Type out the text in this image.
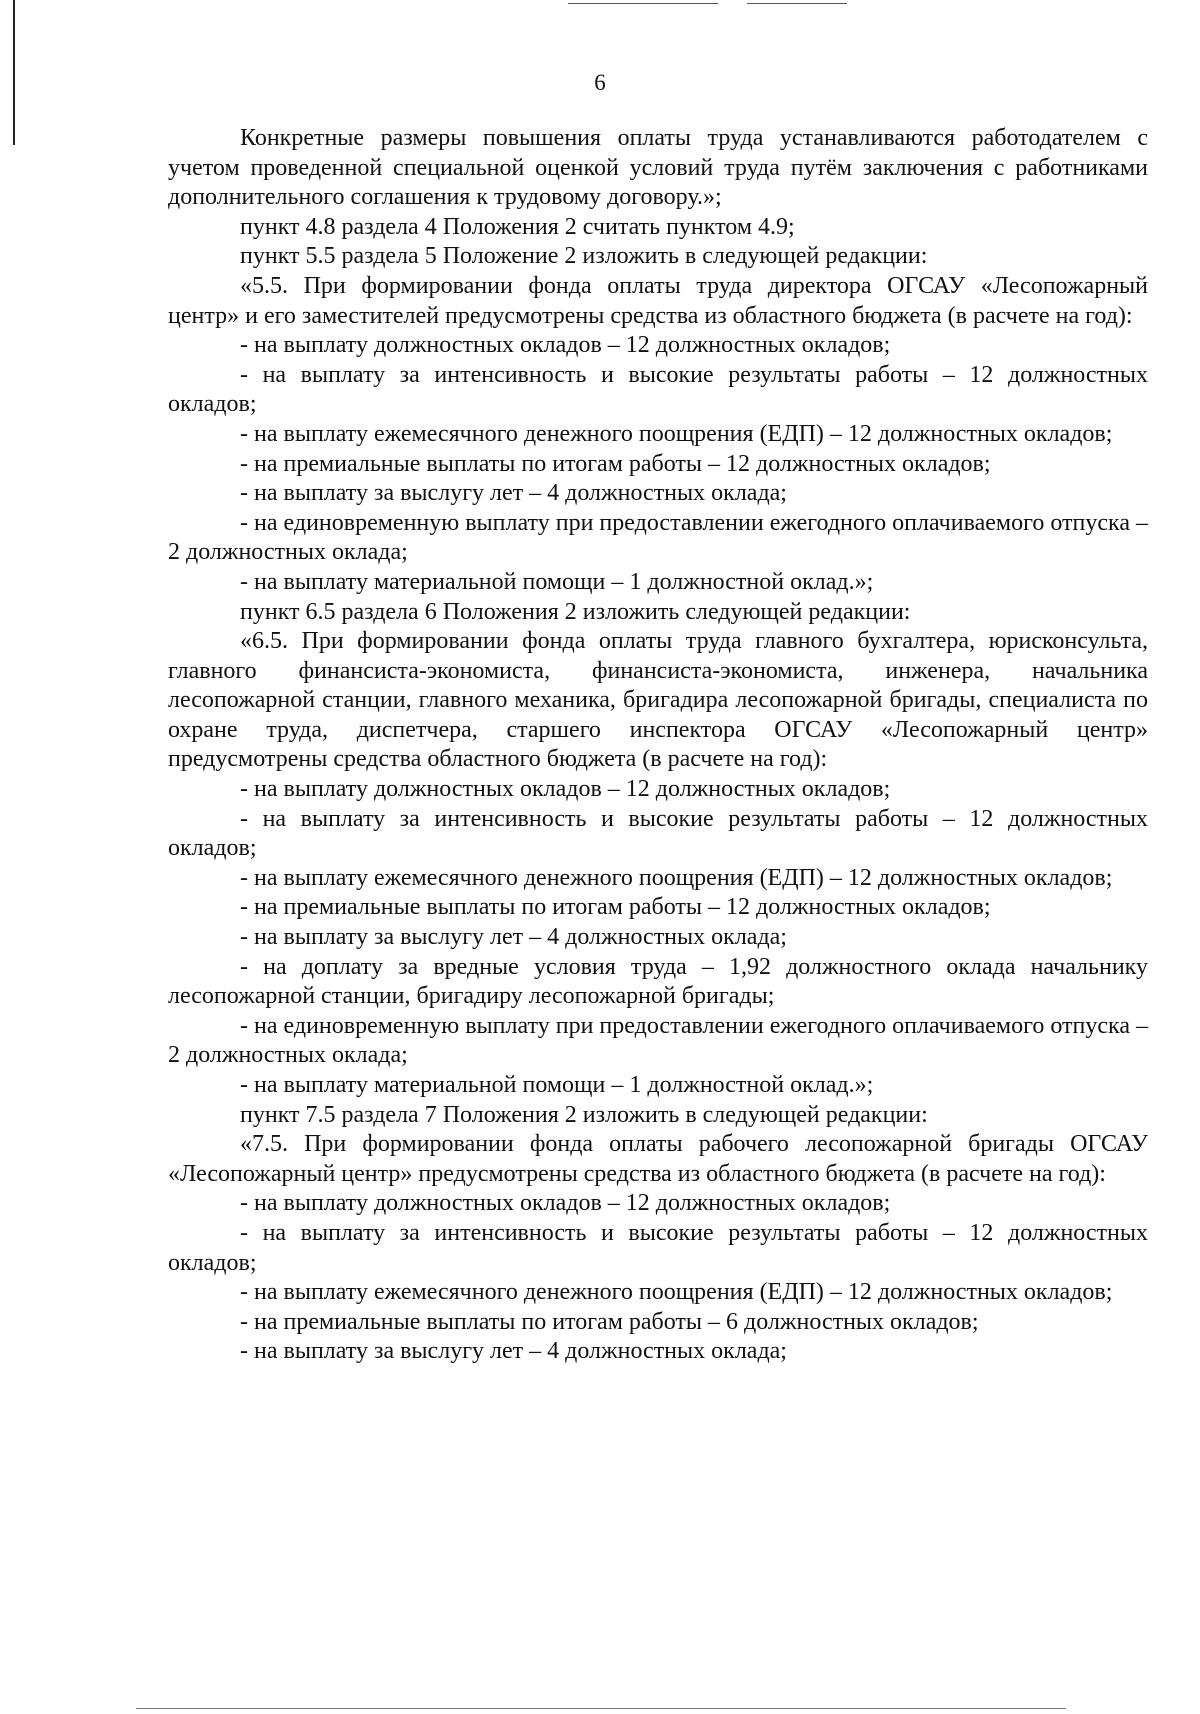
6

Конкретные размеры повышения оплаты труда устанавливаются работодателем с учетом проведенной специальной оценкой условий труда путём заключения с работниками дополнительного соглашения к трудовому договору.»;

пункт 4.8 раздела 4 Положения 2 считать пунктом 4.9;

пункт 5.5 раздела 5 Положение 2 изложить в следующей редакции:

«5.5. При формировании фонда оплаты труда директора ОГСАУ «Лесопожарный центр» и его заместителей предусмотрены средства из областного бюджета (в расчете на год):

- на выплату должностных окладов – 12 должностных окладов;

- на выплату за интенсивность и высокие результаты работы – 12 должностных окладов;

- на выплату ежемесячного денежного поощрения (ЕДП) – 12 должностных окладов;

- на премиальные выплаты по итогам работы – 12 должностных окладов;

- на выплату за выслугу лет – 4 должностных оклада;

- на единовременную выплату при предоставлении ежегодного оплачиваемого отпуска – 2 должностных оклада;

- на выплату материальной помощи – 1 должностной оклад.»;

пункт 6.5 раздела 6 Положения 2 изложить следующей редакции:

«6.5. При формировании фонда оплаты труда главного бухгалтера, юрисконсульта, главного финансиста-экономиста, финансиста-экономиста, инженера, начальника лесопожарной станции, главного механика, бригадира лесопожарной бригады, специалиста по охране труда, диспетчера, старшего инспектора ОГСАУ «Лесопожарный центр» предусмотрены средства областного бюджета (в расчете на год):

- на выплату должностных окладов – 12 должностных окладов;

- на выплату за интенсивность и высокие результаты работы – 12 должностных окладов;

- на выплату ежемесячного денежного поощрения (ЕДП) – 12 должностных окладов;

- на премиальные выплаты по итогам работы – 12 должностных окладов;

- на выплату за выслугу лет – 4 должностных оклада;

- на доплату за вредные условия труда – 1,92 должностного оклада начальнику лесопожарной станции, бригадиру лесопожарной бригады;

- на единовременную выплату при предоставлении ежегодного оплачиваемого отпуска – 2 должностных оклада;

- на выплату материальной помощи – 1 должностной оклад.»;

пункт 7.5 раздела 7 Положения 2 изложить в следующей редакции:

«7.5. При формировании фонда оплаты рабочего лесопожарной бригады ОГСАУ «Лесопожарный центр» предусмотрены средства из областного бюджета (в расчете на год):

- на выплату должностных окладов – 12 должностных окладов;

- на выплату за интенсивность и высокие результаты работы – 12 должностных окладов;

- на выплату ежемесячного денежного поощрения (ЕДП) – 12 должностных окладов;

- на премиальные выплаты по итогам работы – 6 должностных окладов;

- на выплату за выслугу лет – 4 должностных оклада;
